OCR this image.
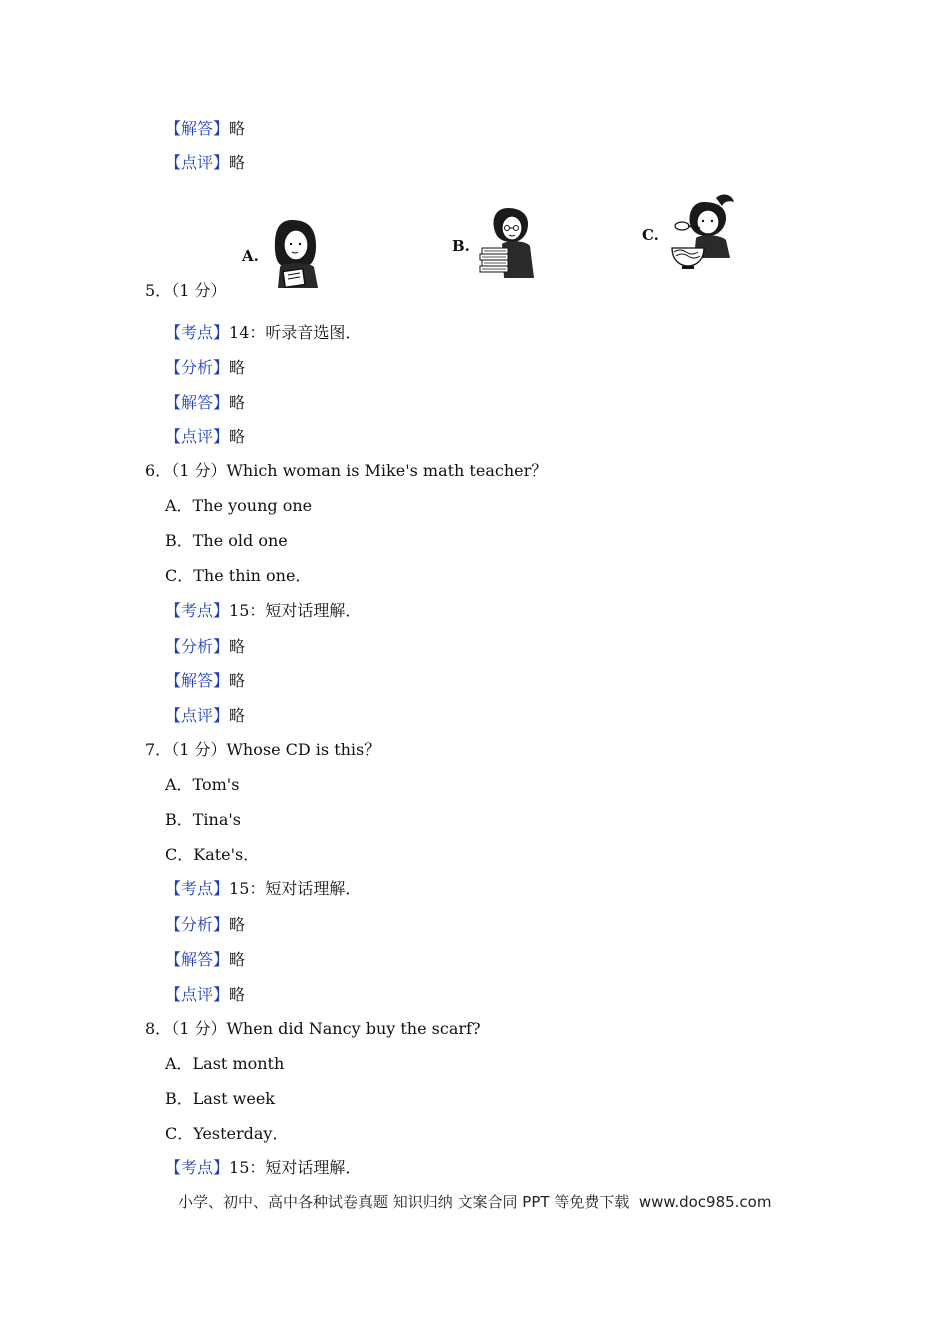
【解答】略
【点评】略
A.
B.
C.
5．（1 分）
【考点】14：听录音选图．
【分析】略
【解答】略
【点评】略
6．（1 分）Which woman is Mike's math teacher？
A．The young one
B．The old one
C．The thin one．
【考点】15：短对话理解．
【分析】略
【解答】略
【点评】略
7．（1 分）Whose CD is this？
A．Tom's
B．Tina's
C．Kate's．
【考点】15：短对话理解．
【分析】略
【解答】略
【点评】略
8．（1 分）When did Nancy buy the scarf?
A．Last month
B．Last week
C．Yesterday．
【考点】15：短对话理解．
小学、初中、高中各种试卷真题 知识归纳 文案合同 PPT 等免费下载 www.doc985.com
